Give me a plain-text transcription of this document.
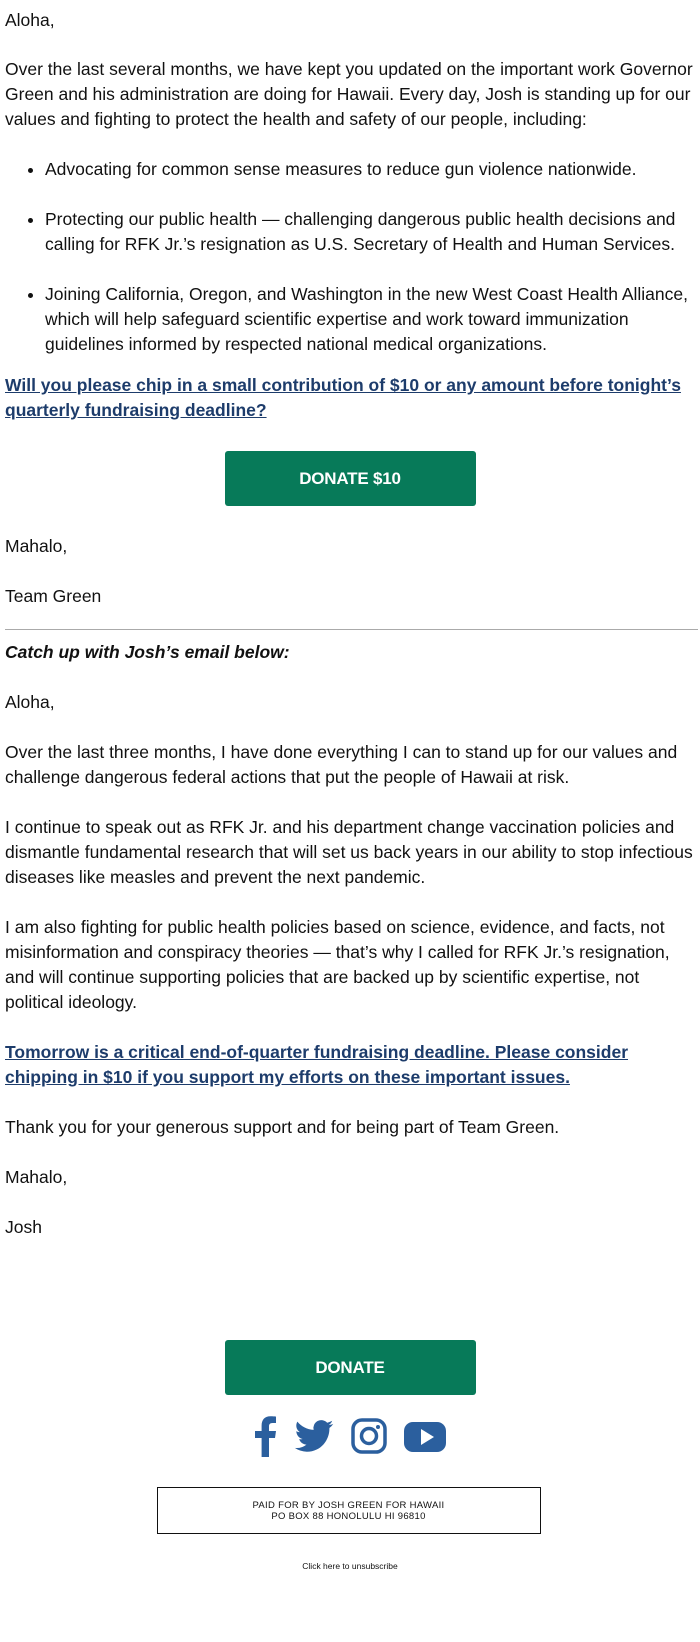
Aloha,

Over the last several months, we have kept you updated on the important work Governor Green and his administration are doing for Hawaii. Every day, Josh is standing up for our values and fighting to protect the health and safety of our people, including:

• Advocating for common sense measures to reduce gun violence nationwide.
• Protecting our public health — challenging dangerous public health decisions and calling for RFK Jr.’s resignation as U.S. Secretary of Health and Human Services.
• Joining California, Oregon, and Washington in the new West Coast Health Alliance, which will help safeguard scientific expertise and work toward immunization guidelines informed by respected national medical organizations.
Will you please chip in a small contribution of $10 or any amount before tonight’s quarterly fundraising deadline?
DONATE $10

Mahalo,

Team Green

Catch up with Josh’s email below:

Aloha,

Over the last three months, I have done everything I can to stand up for our values and challenge dangerous federal actions that put the people of Hawaii at risk.

I continue to speak out as RFK Jr. and his department change vaccination policies and dismantle fundamental research that will set us back years in our ability to stop infectious diseases like measles and prevent the next pandemic.

I am also fighting for public health policies based on science, evidence, and facts, not misinformation and conspiracy theories — that’s why I called for RFK Jr.’s resignation, and will continue supporting policies that are backed up by scientific expertise, not political ideology.

Tomorrow is a critical end-of-quarter fundraising deadline. Please consider chipping in $10 if you support my efforts on these important issues.

Thank you for your generous support and for being part of Team Green.

Mahalo,

Josh

DONATE
PAID FOR BY JOSH GREEN FOR HAWAII
PO BOX 88 HONOLULU HI 96810
Click here to unsubscribe
